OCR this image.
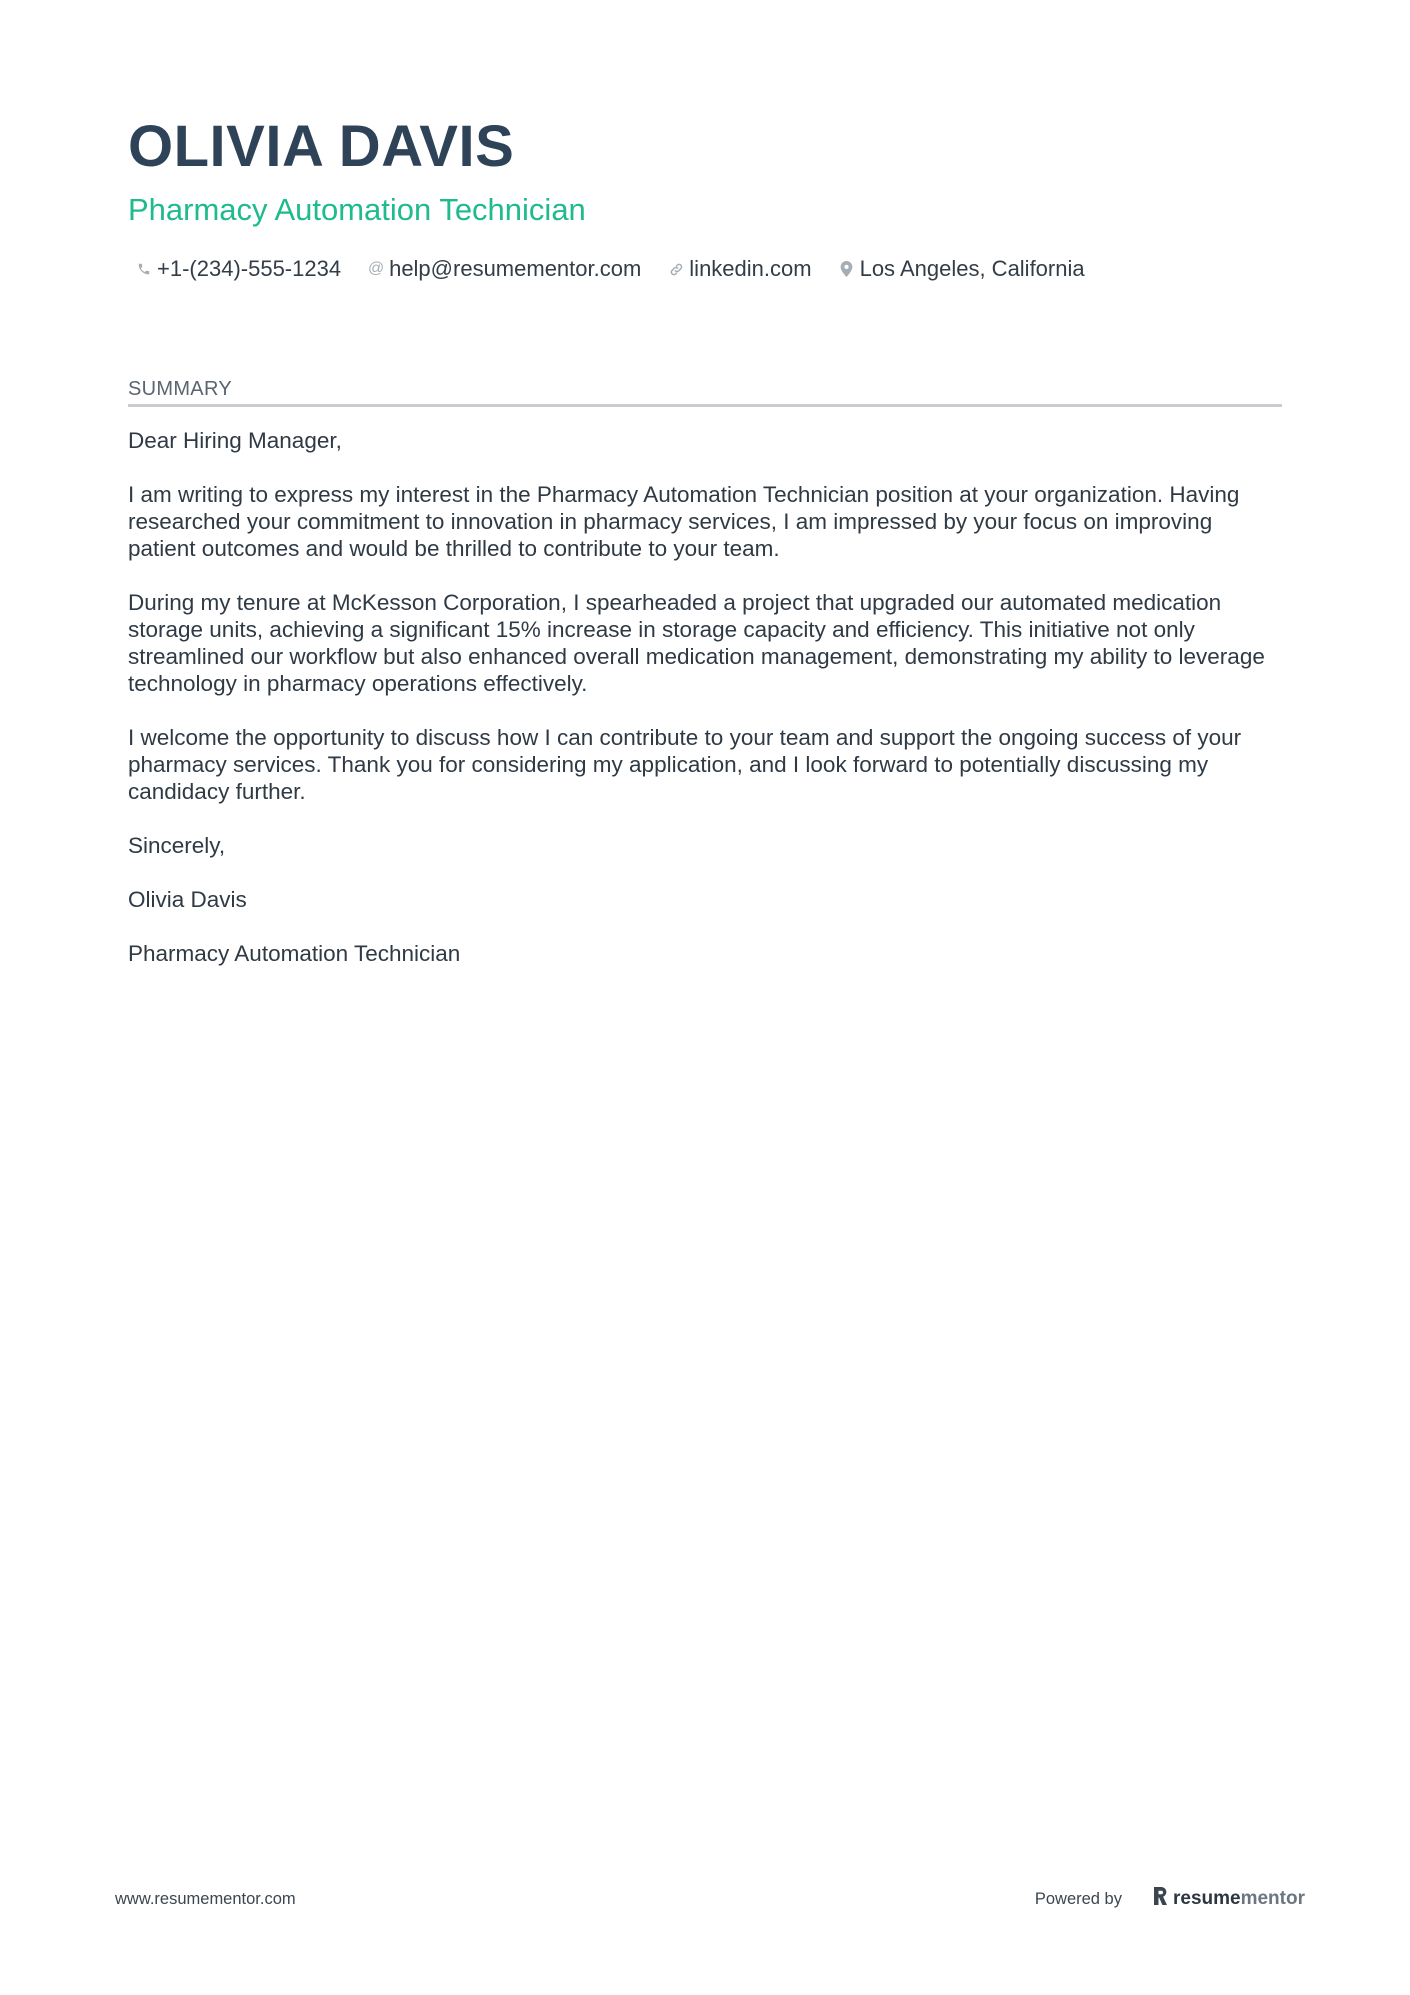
OLIVIA DAVIS
Pharmacy Automation Technician
+1-(234)-555-1234 @ help@resumementor.com linkedin.com Los Angeles, California
SUMMARY

Dear Hiring Manager,

I am writing to express my interest in the Pharmacy Automation Technician position at your organization. Having researched your commitment to innovation in pharmacy services, I am impressed by your focus on improving patient outcomes and would be thrilled to contribute to your team.

During my tenure at McKesson Corporation, I spearheaded a project that upgraded our automated medication storage units, achieving a significant 15% increase in storage capacity and efficiency. This initiative not only streamlined our workflow but also enhanced overall medication management, demonstrating my ability to leverage technology in pharmacy operations effectively.

I welcome the opportunity to discuss how I can contribute to your team and support the ongoing success of your pharmacy services. Thank you for considering my application, and I look forward to potentially discussing my candidacy further.

Sincerely,

Olivia Davis

Pharmacy Automation Technician

www.resumementor.com	Powered by	resume mentor
